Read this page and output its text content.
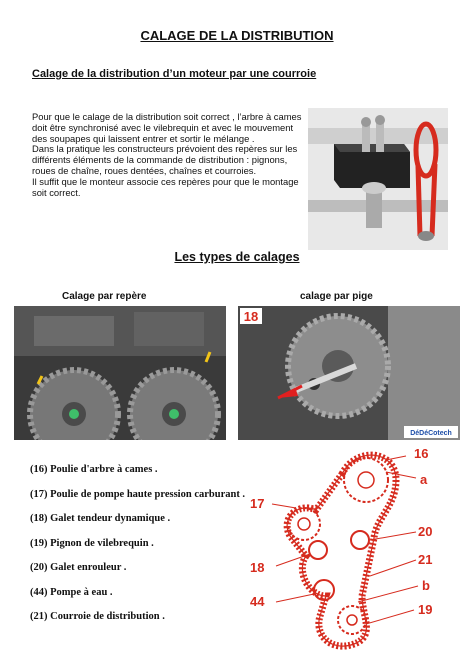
CALAGE DE LA DISTRIBUTION
Calage de la distribution d’un moteur par une courroie

Pour que le calage de la distribution soit correct , l’arbre à cames doit être synchronisé avec le vilebrequin et avec le mouvement des soupapes qui laissent entrer et sortir le mélange .

Dans la pratique les constructeurs prévoient des repères sur les différents éléments de la commande de distribution : pignons, roues de chaîne, roues dentées, chaînes et courroies.

Il suffit que le monteur associe ces repères pour que le montage soit correct.

Les types de calages
Calage par repère	calage par pige
18
DéDéCotech
(16) Poulie d'arbre à cames .
(17) Poulie de pompe haute pression carburant .
(18) Galet tendeur dynamique .
(19) Pignon de vilebrequin .
(20) Galet enrouleur .
(44) Pompe à eau .
(21) Courroie de distribution .
16
a
17
20
21
18
b
44
19
